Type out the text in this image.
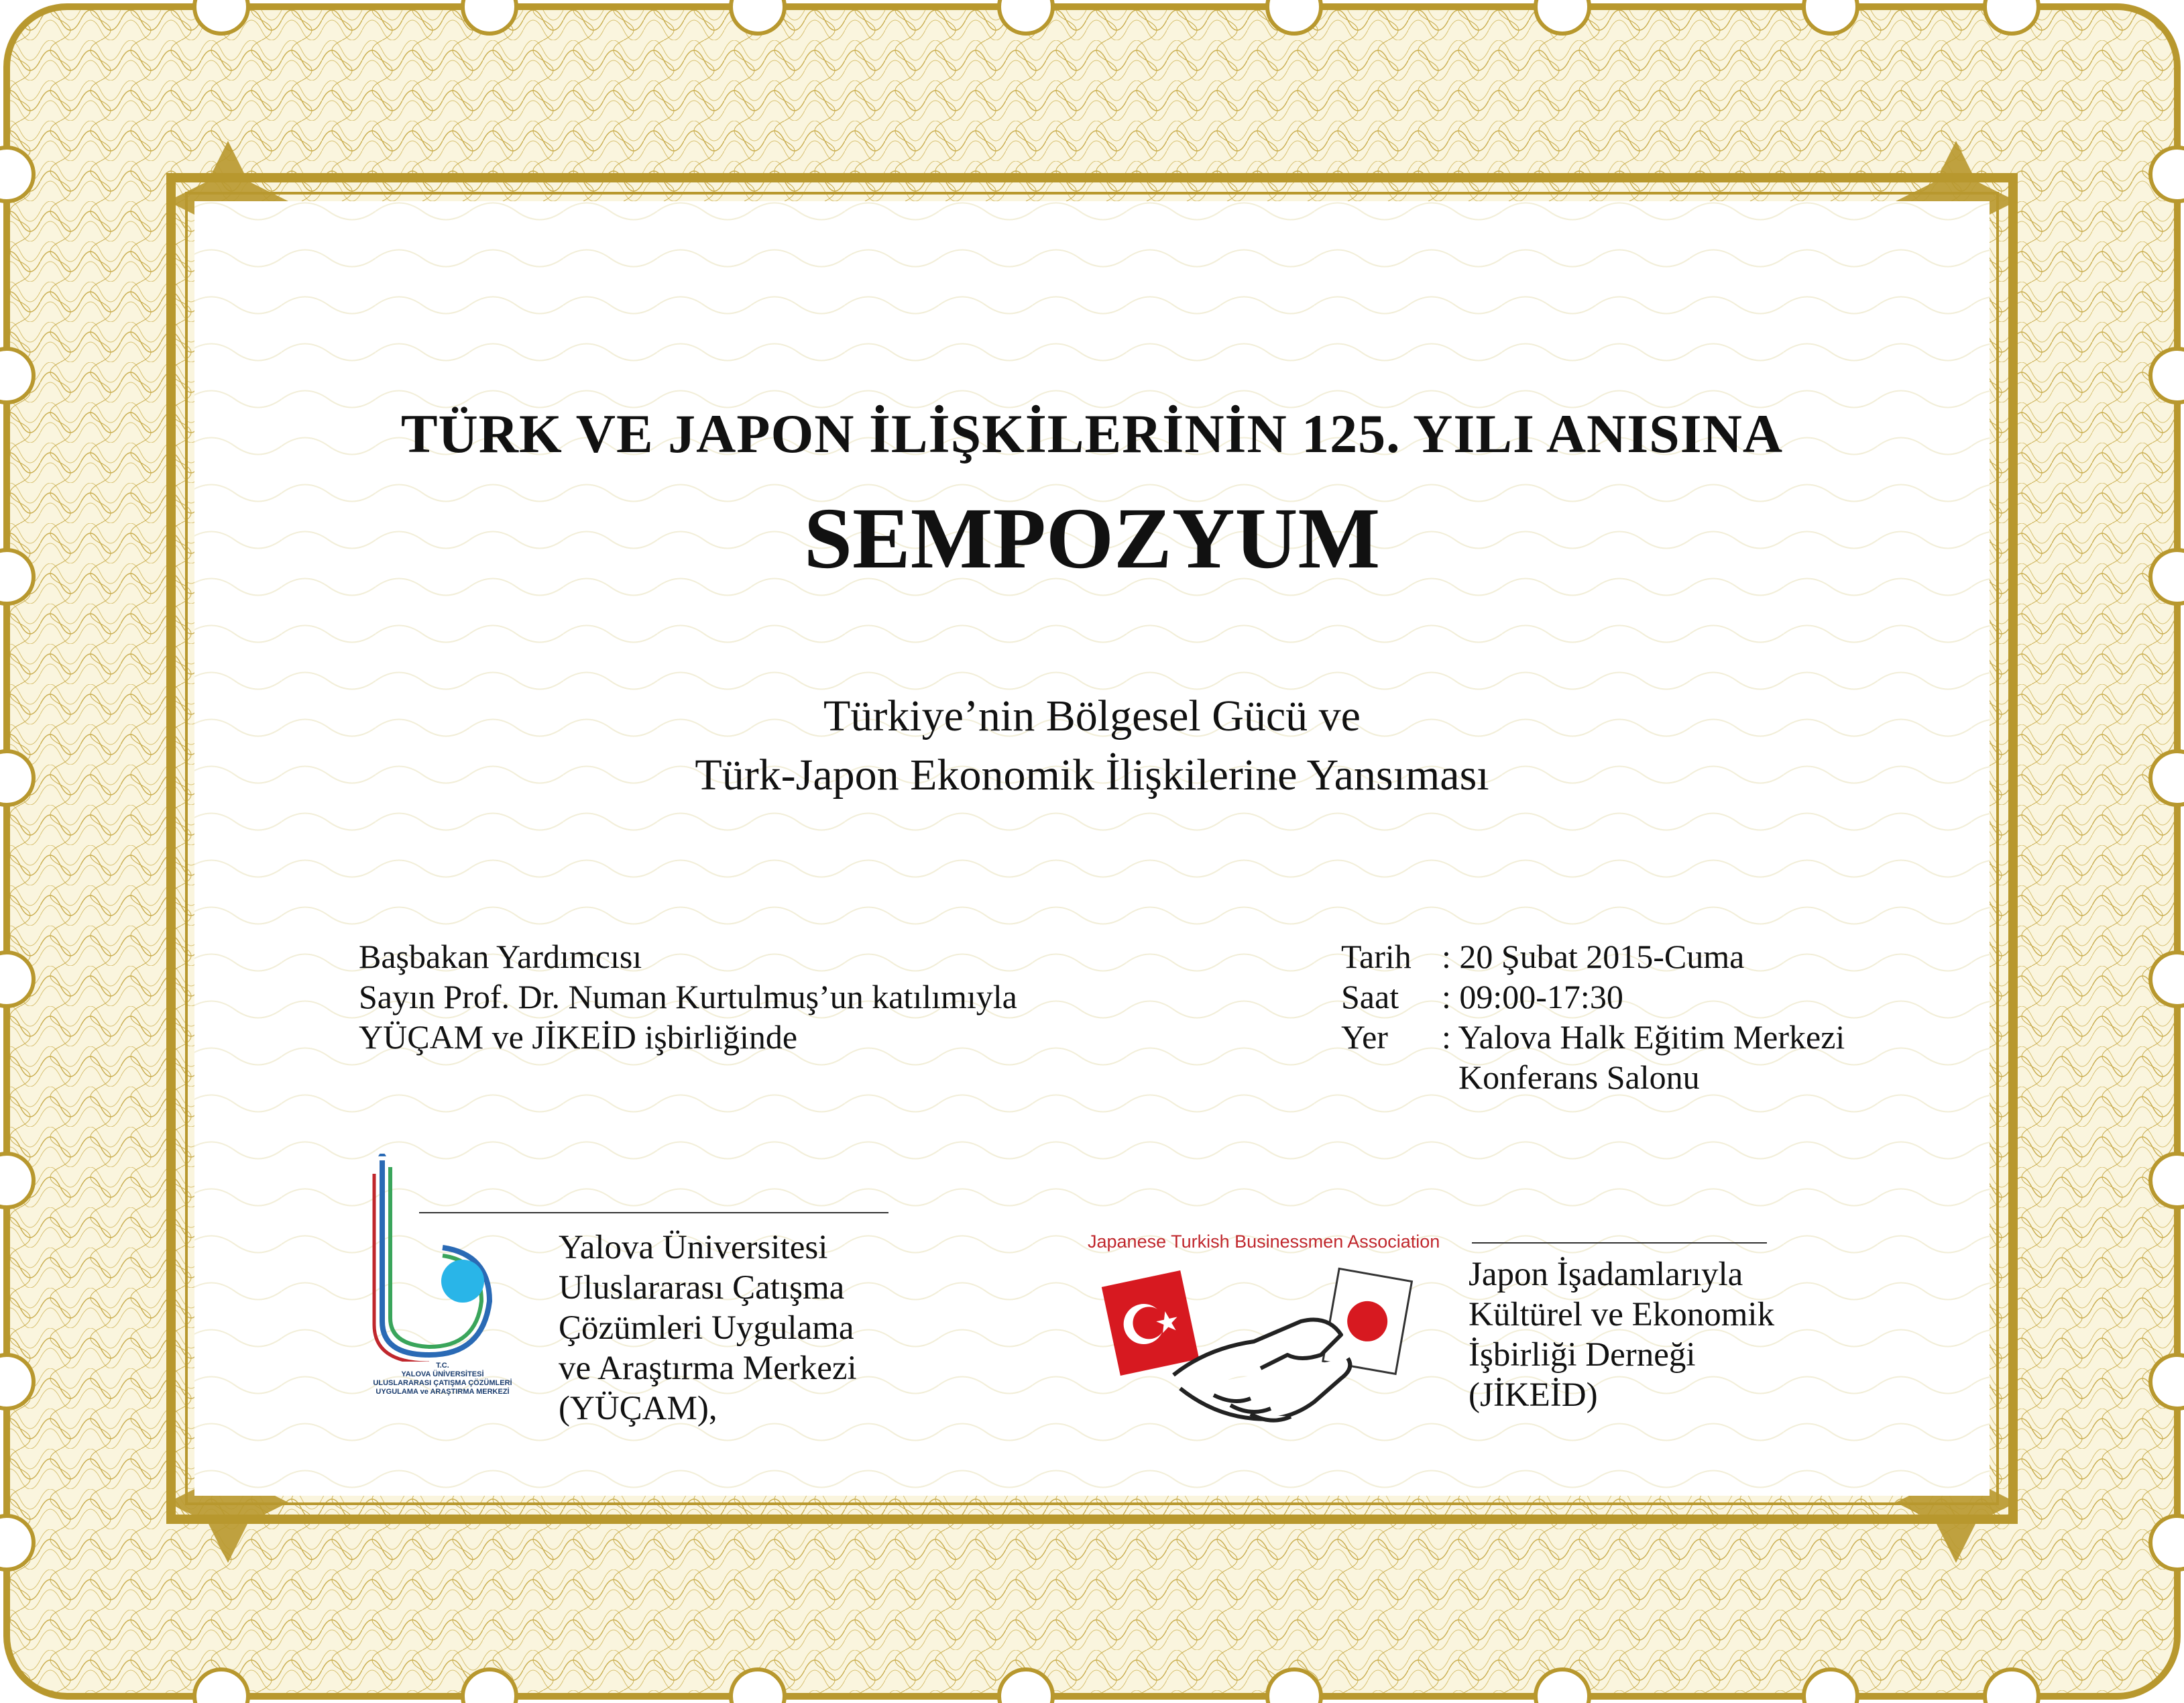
TÜRK VE JAPON İLİŞKİLERİNİN 125. YILI ANISINA
SEMPOZYUM
Türkiye’nin Bölgesel Gücü ve
Türk-Japon Ekonomik İlişkilerine Yansıması
Başbakan Yardımcısı
Sayın Prof. Dr. Numan Kurtulmuş’un katılımıyla
YÜÇAM ve JİKEİD işbirliğinde
Tarih : 20 Şubat 2015-Cuma
Saat	: 09:00-17:30
Yer	: Yalova Halk Eğitim Merkezi
Konferans Salonu
T.C.
YALOVA ÜNİVERSİTESİ
ULUSLARARASI ÇATIŞMA ÇÖZÜMLERİ
UYGULAMA ve ARAŞTIRMA MERKEZİ
Yalova Üniversitesi
Uluslararası Çatışma
Çözümleri Uygulama
ve Araştırma Merkezi
(YÜÇAM),
Japanese Turkish Businessmen Association
Japon İşadamlarıyla
Kültürel ve Ekonomik
İşbirliği Derneği
(JİKEİD)
